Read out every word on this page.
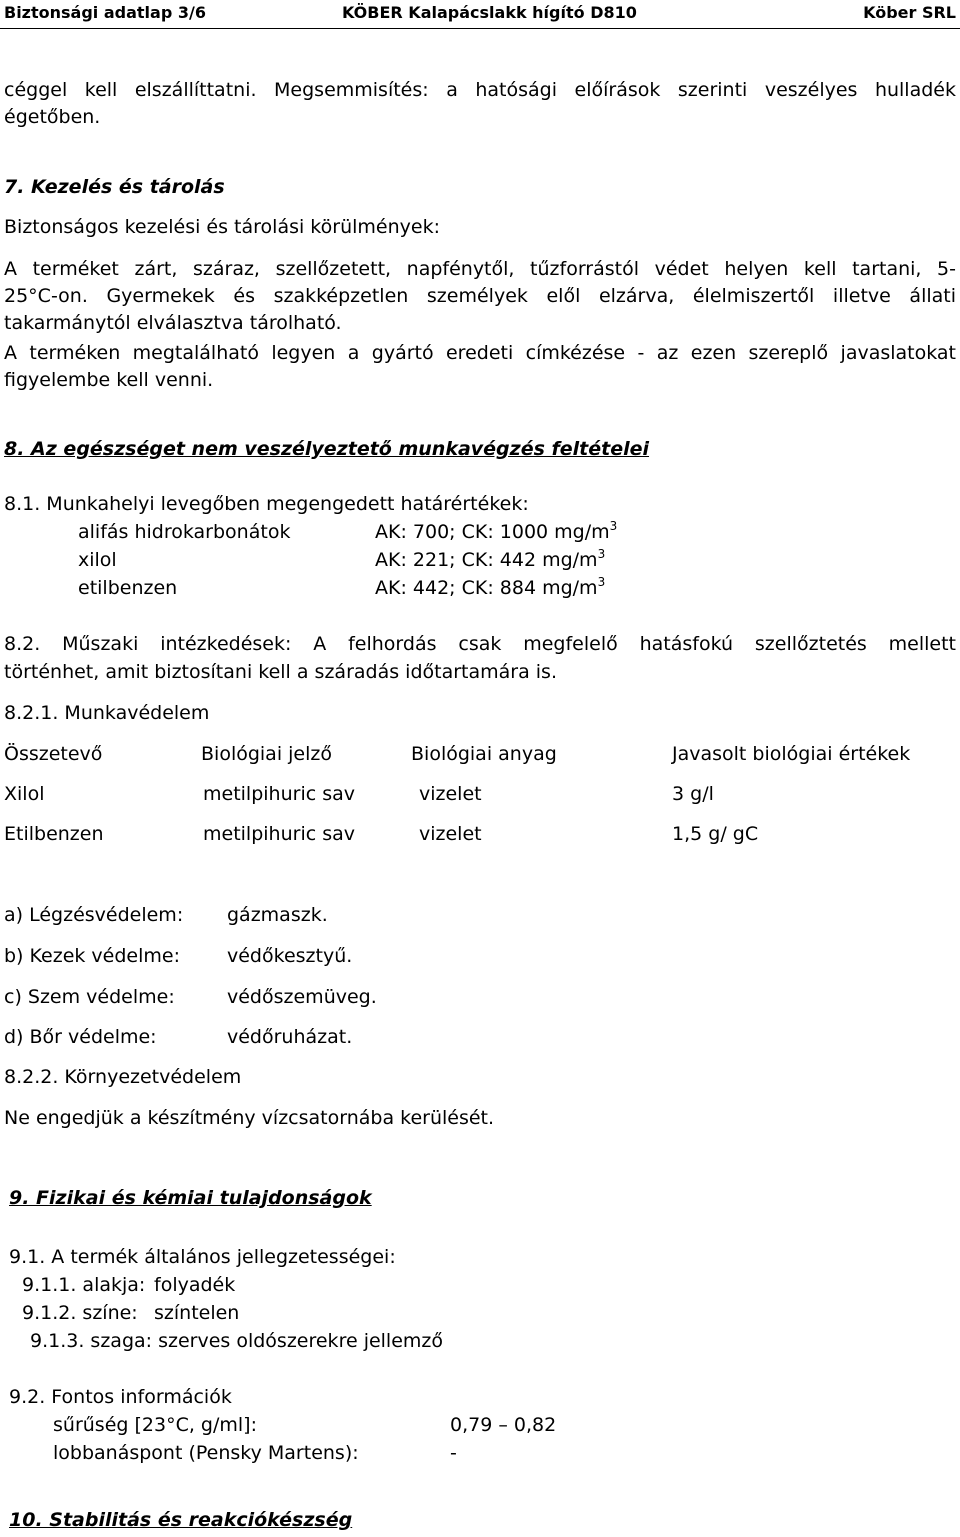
Biztonsági adatlap 3/6	KÖBER Kalapácslakk hígító D810	Köber SRL
céggel kell elszállíttatni. Megsemmisítés: a hatósági előírások szerinti veszélyes hulladék
égetőben.
7. Kezelés és tárolás
Biztonságos kezelési és tárolási körülmények:
A terméket zárt, száraz, szellőzetett, napfénytől, tűzforrástól védet helyen kell tartani, 5-
25°C-on. Gyermekek és szakképzetlen személyek elől elzárva, élelmiszertől illetve állati
takarmánytól elválasztva tárolható.
A terméken megtalálható legyen a gyártó eredeti címkézése - az ezen szereplő javaslatokat
figyelembe kell venni.
8. Az egészséget nem veszélyeztető munkavégzés feltételei
8.1. Munkahelyi levegőben megengedett határértékek:
alifás hidrokarbonátok	AK: 700; CK: 1000 $mg/m^3$
xilol	AK: 221; CK: 442 $mg/m^3$
etilbenzen	AK: 442; CK: 884 $mg/m^3$
8.2. Műszaki intézkedések: A felhordás csak megfelelő hatásfokú szellőztetés mellett
történhet, amit biztosítani kell a száradás időtartamára is.
8.2.1. Munkavédelem
Összetevő	Biológiai jelző	Biológiai anyag	Javasolt biológiai értékek
Xilol	metilpihuric sav	vizelet	3 g/l
Etilbenzen	metilpihuric sav	vizelet	1,5 g/ gC
a) Légzésvédelem: gázmaszk.
b) Kezek védelme: védőkesztyű.
c) Szem védelme:	védőszemüveg.
d) Bőr védelme:	védőruházat.
8.2.2. Környezetvédelem
Ne engedjük a készítmény vízcsatornába kerülését.
9. Fizikai és kémiai tulajdonságok
9.1. A termék általános jellegzetességei:
9.1.1. alakja: folyadék
9.1.2. színe: színtelen
9.1.3. szaga: szerves oldószerekre jellemző
9.2. Fontos információk
sűrűség [23°C, g/ml]:	0,79 – 0,82
lobbanáspont (Pensky Martens):	-
10. Stabilitás és reakciókészség
